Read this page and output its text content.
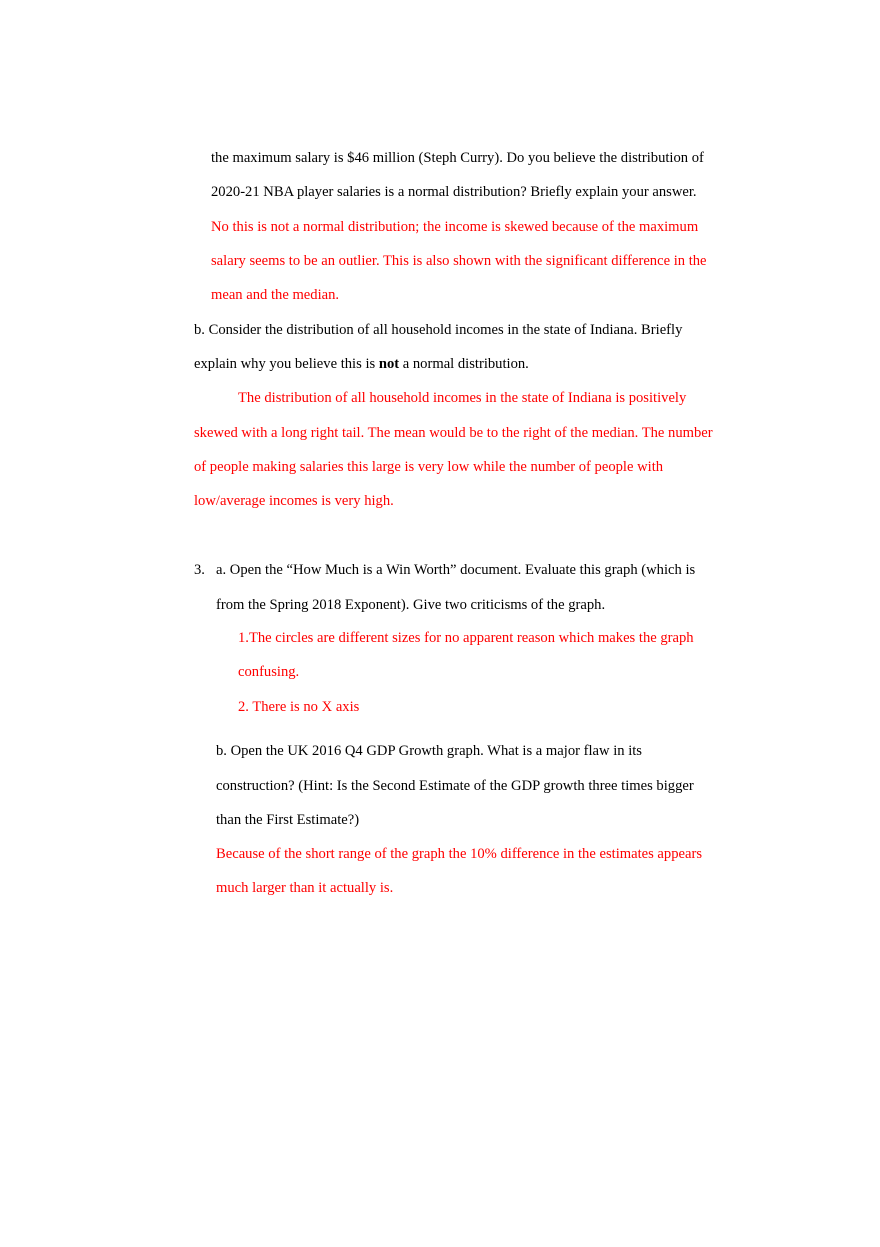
the maximum salary is $46 million (Steph Curry). Do you believe the distribution of
2020-21 NBA player salaries is a normal distribution? Briefly explain your answer.
No this is not a normal distribution; the income is skewed because of the maximum
salary seems to be an outlier. This is also shown with the significant difference in the
mean and the median.
b. Consider the distribution of all household incomes in the state of Indiana. Briefly
explain why you believe this is not a normal distribution.
The distribution of all household incomes in the state of Indiana is positively
skewed with a long right tail. The mean would be to the right of the median. The number
of people making salaries this large is very low while the number of people with
low/average incomes is very high.
3. a. Open the “How Much is a Win Worth” document. Evaluate this graph (which is
from the Spring 2018 Exponent). Give two criticisms of the graph.
1.The circles are different sizes for no apparent reason which makes the graph
confusing.
2. There is no X axis
b. Open the UK 2016 Q4 GDP Growth graph. What is a major flaw in its
construction? (Hint: Is the Second Estimate of the GDP growth three times bigger
than the First Estimate?)
Because of the short range of the graph the 10% difference in the estimates appears
much larger than it actually is.
